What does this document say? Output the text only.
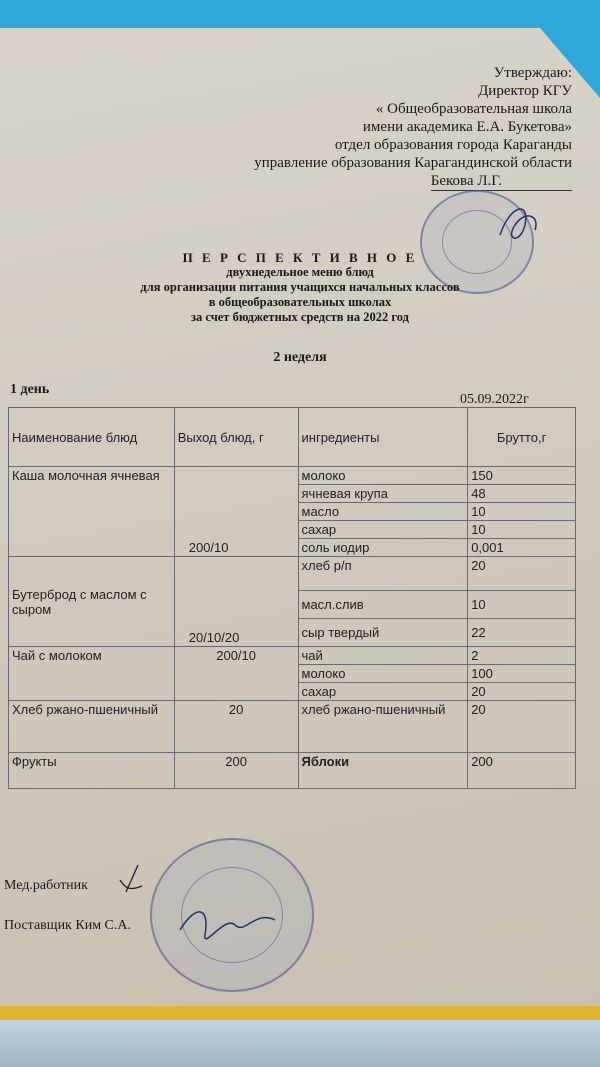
Утверждаю:
Директор КГУ
« Общеобразовательная школа
имени академика Е.А. Букетова»
отдел образования города Караганды
управление образования Карагандинской области
Бекова Л.Г.
П Е Р С П Е К Т И В Н О Е
двухнедельное меню блюд
для организации питания учащихся начальных классов
в общеобразовательных школах
за счет бюджетных средств на 2022 год
2 неделя
1 день
05.09.2022г
Наименование блюд	Выход блюд, г	ингредиенты	Брутто,г
Каша молочная ячневая	200/10	молоко	150
		ячневая крупа	48
		масло	10
		сахар	10
		соль иодир	0,001
Бутерброд с маслом с сыром	20/10/20	хлеб р/п	20
		масл.слив	10
		сыр твердый	22
Чай с молоком	200/10	чай	2
		молоко	100
		сахар	20
Хлеб ржано-пшеничный	20	хлеб ржано-пшеничный	20
Фрукты	200	Яблоки	200
Мед.работник
Поставщик Ким С.А.
